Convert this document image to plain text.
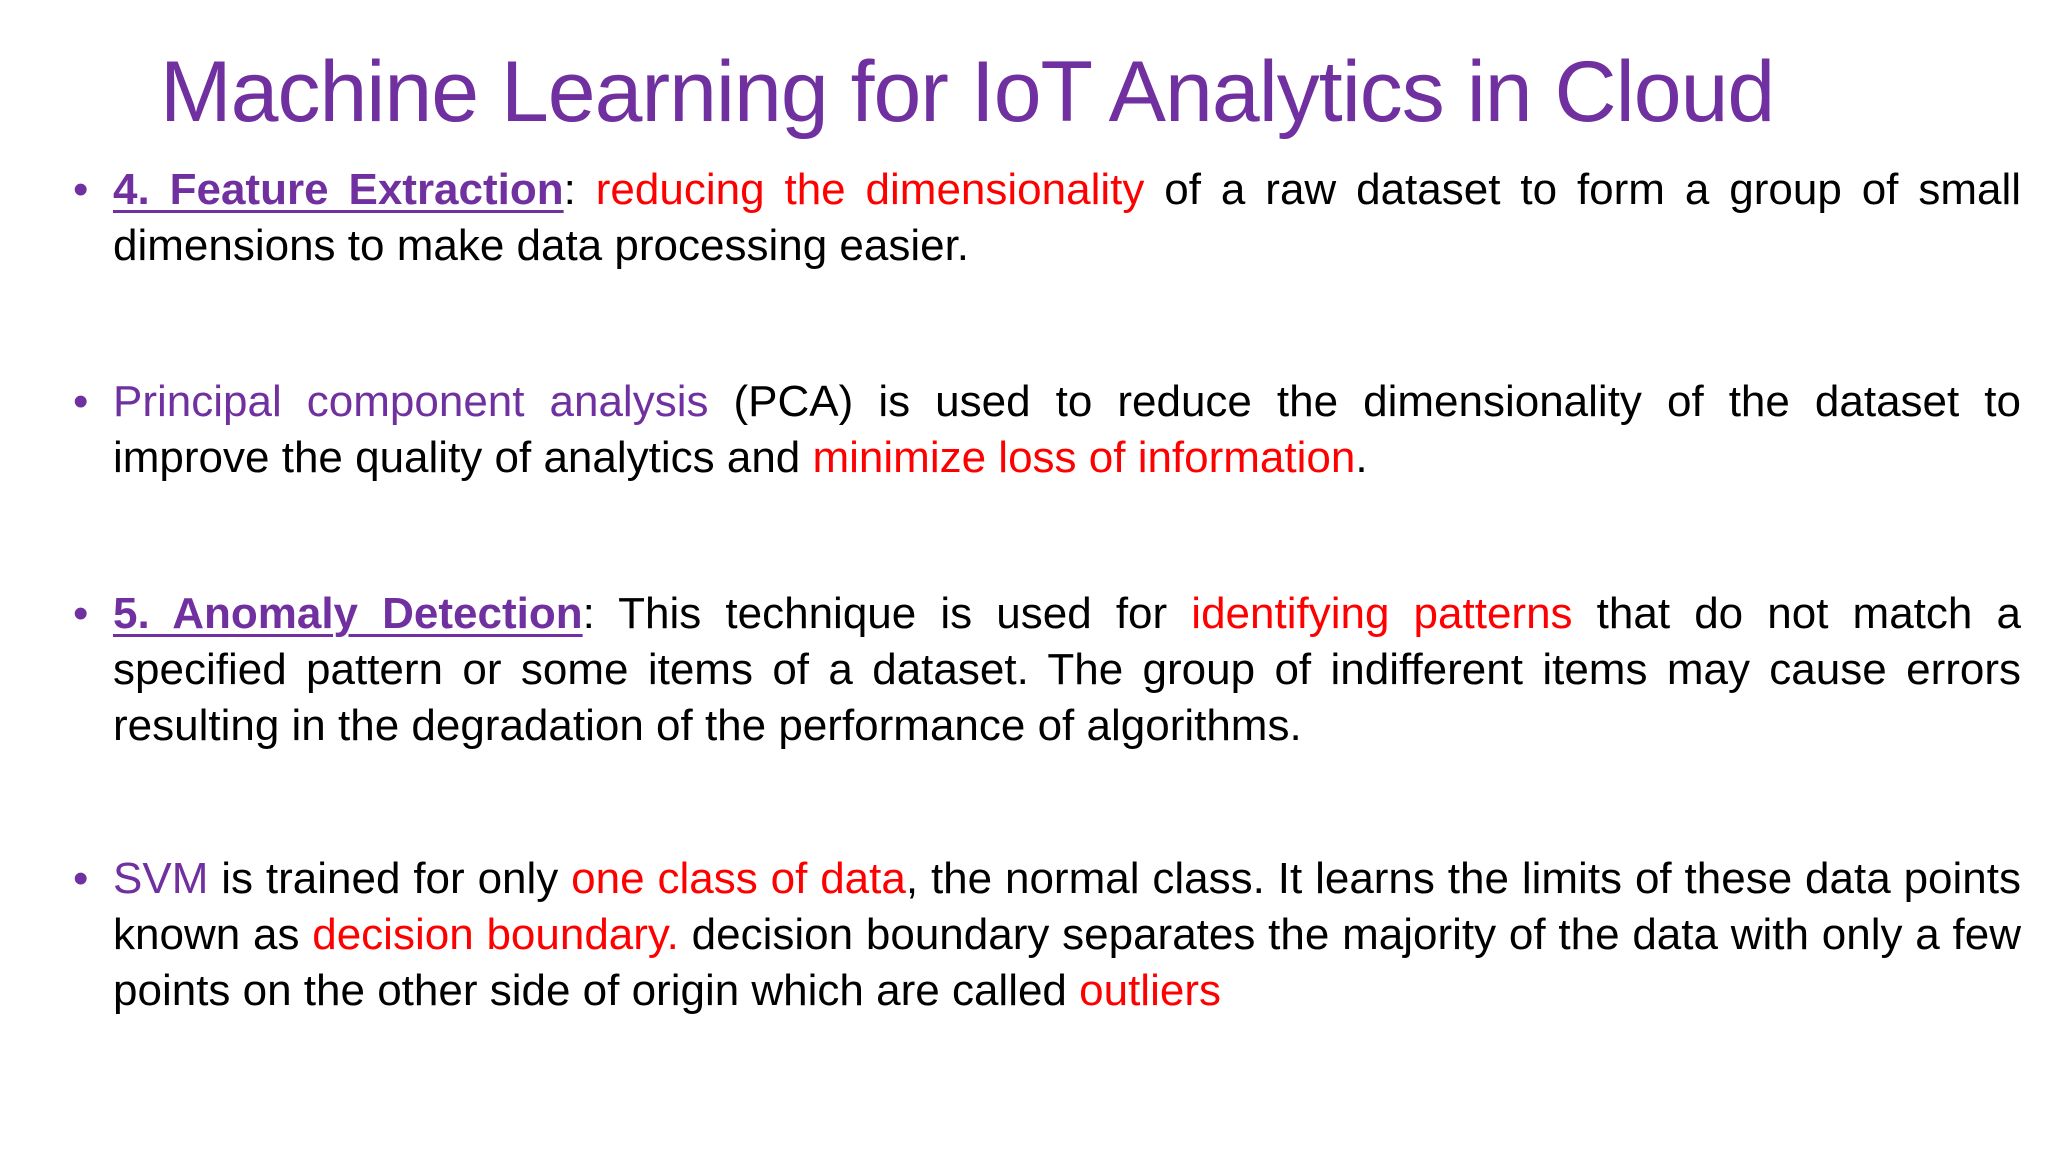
Machine Learning for IoT Analytics in Cloud
• 4. Feature Extraction: reducing the dimensionality of a raw dataset to form a group of small dimensions to make data processing easier.
• Principal component analysis (PCA) is used to reduce the dimensionality of the dataset to improve the quality of analytics and minimize loss of information.
• 5. Anomaly Detection: This technique is used for identifying patterns that do not match a specified pattern or some items of a dataset. The group of indifferent items may cause errors resulting in the degradation of the performance of algorithms.
• SVM is trained for only one class of data, the normal class. It learns the limits of these data points known as decision boundary. decision boundary separates the majority of the data with only a few points on the other side of origin which are called outliers
